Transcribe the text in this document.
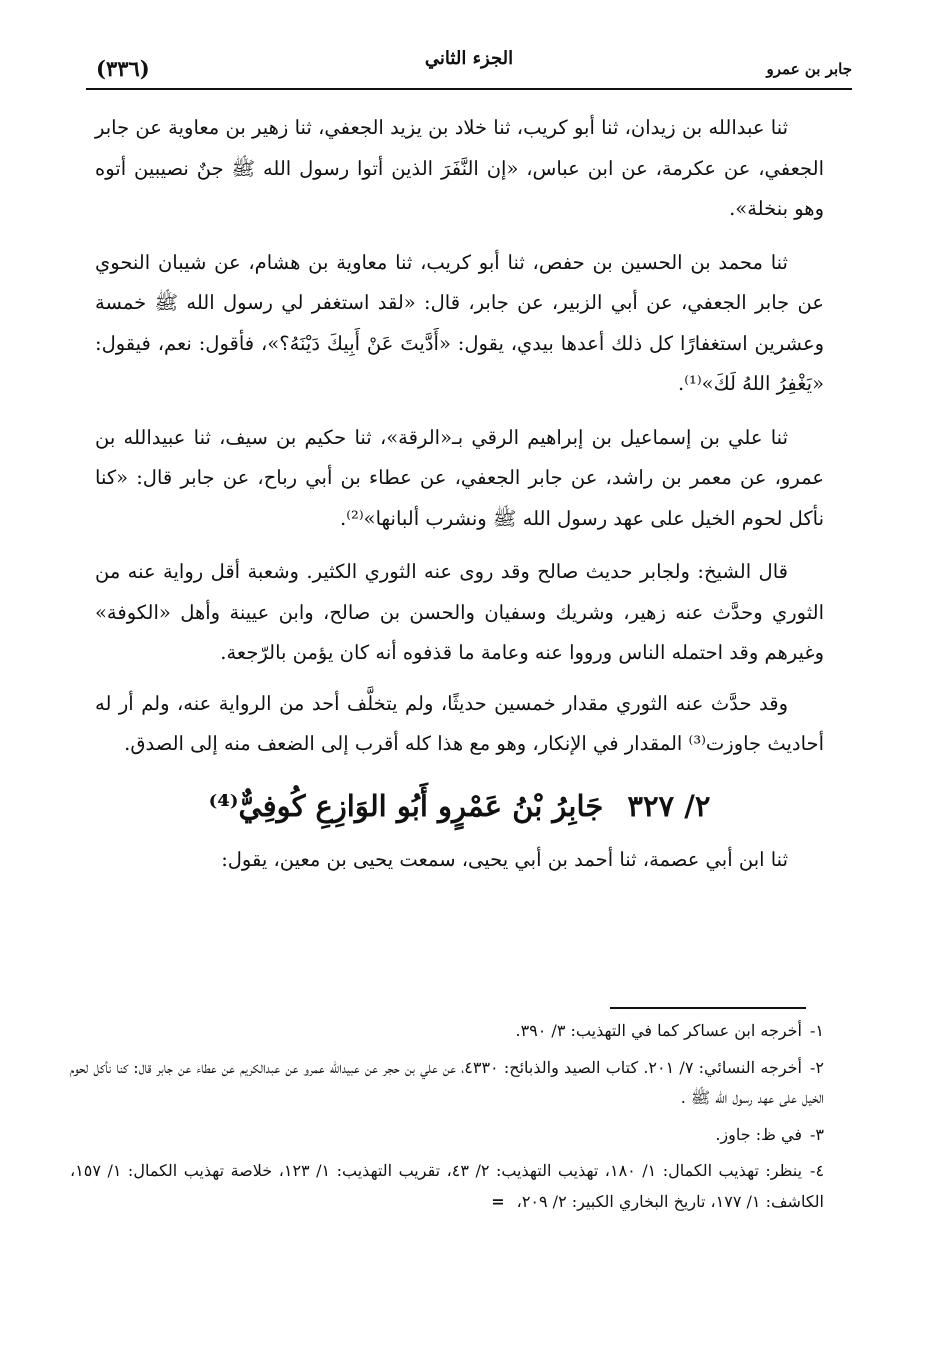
(٣٣٦)	الجزء الثاني	جابر بن عمرو

ثنا عبدالله بن زيدان، ثنا أبو كريب، ثنا خلاد بن يزيد الجعفي، ثنا زهير بن معاوية عن جابر الجعفي، عن عكرمة، عن ابن عباس، «إن النَّفَرَ الذين أتوا رسول الله ﷺ جنٌ نصيبين أتوه وهو بنخلة».

ثنا محمد بن الحسين بن حفص، ثنا أبو كريب، ثنا معاوية بن هشام، عن شيبان النحوي عن جابر الجعفي، عن أبي الزبير، عن جابر، قال: «لقد استغفر لي رسول الله ﷺ خمسة وعشرين استغفارًا كل ذلك أعدها بيدي، يقول: «أَدَّيتَ عَنْ أَبِيكَ دَيْنَهُ؟»، فأقول: نعم، فيقول: «يَغْفِرُ اللهُ لَكَ»⁽¹⁾.

ثنا علي بن إسماعيل بن إبراهيم الرقي بـ«الرقة»، ثنا حكيم بن سيف، ثنا عبيدالله بن عمرو، عن معمر بن راشد، عن جابر الجعفي، عن عطاء بن أبي رباح، عن جابر قال: «كنا نأكل لحوم الخيل على عهد رسول الله ﷺ ونشرب ألبانها»⁽²⁾.

قال الشيخ: ولجابر حديث صالح وقد روى عنه الثوري الكثير. وشعبة أقل رواية عنه من الثوري وحدَّث عنه زهير، وشريك وسفيان والحسن بن صالح، وابن عيينة وأهل «الكوفة» وغيرهم وقد احتمله الناس ورووا عنه وعامة ما قذفوه أنه كان يؤمن بالرّجعة.

وقد حدَّث عنه الثوري مقدار خمسين حديثًا، ولم يتخلَّف أحد من الرواية عنه، ولم أر له أحاديث جاوزت⁽³⁾ المقدار في الإنكار، وهو مع هذا كله أقرب إلى الضعف منه إلى الصدق.

٢/ ٣٢٧ جَابِرُ بْنُ عَمْرٍو أَبُو الوَازِعِ كُوفِيٌّ⁽⁴⁾

ثنا ابن أبي عصمة، ثنا أحمد بن أبي يحيى، سمعت يحيى بن معين، يقول:

١-أخرجه ابن عساكر كما في التهذيب: ٣/ ٣٩٠.

٢-أخرجه النسائي: ٧/ ٢٠١. كتاب الصيد والذبائح: ٤٣٣٠، عن علي بن حجر عن عبيدالله عمرو عن عبدالكريم عن عطاء عن جابر قال: كنا نأكل لحوم الخيل على عهد رسول الله ﷺ .

٣-في ظ: جاوز.

٤-ينظر: تهذيب الكمال: ١/ ١٨٠، تهذيب التهذيب: ٢/ ٤٣، تقريب التهذيب: ١/ ١٢٣، خلاصة تهذيب الكمال: ١/ ١٥٧، الكاشف: ١/ ١٧٧، تاريخ البخاري الكبير: ٢/ ٢٠٩،=
